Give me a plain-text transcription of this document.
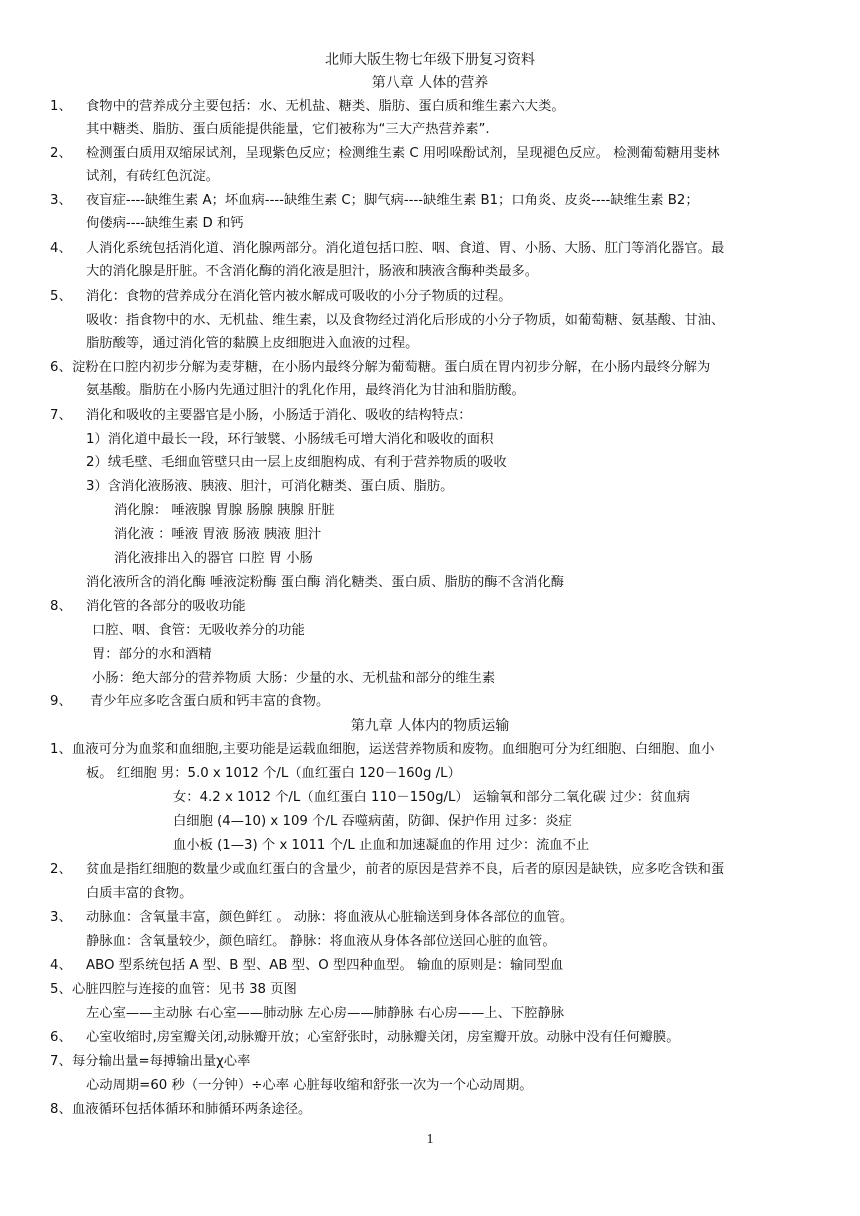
北师大版生物七年级下册复习资料
第八章 人体的营养
1、 食物中的营养成分主要包括：水、无机盐、糖类、脂肪、蛋白质和维生素六大类。
其中糖类、脂肪、蛋白质能提供能量，它们被称为“三大产热营养素”.
2、 检测蛋白质用双缩尿试剂，呈现紫色反应；检测维生素 C 用吲哚酚试剂，呈现褪色反应。 检测葡萄糖用斐林
试剂，有砖红色沉淀。
3、 夜盲症----缺维生素 A；坏血病----缺维生素 C；脚气病----缺维生素 B1；口角炎、皮炎----缺维生素 B2；
佝偻病----缺维生素 D 和钙
4、 人消化系统包括消化道、消化腺两部分。消化道包括口腔、咽、食道、胃、小肠、大肠、肛门等消化器官。最
大的消化腺是肝脏。不含消化酶的消化液是胆汁，肠液和胰液含酶种类最多。
5、 消化：食物的营养成分在消化管内被水解成可吸收的小分子物质的过程。
吸收：指食物中的水、无机盐、维生素，以及食物经过消化后形成的小分子物质，如葡萄糖、氨基酸、甘油、
脂肪酸等，通过消化管的黏膜上皮细胞进入血液的过程。
6、 淀粉在口腔内初步分解为麦芽糖，在小肠内最终分解为葡萄糖。蛋白质在胃内初步分解，在小肠内最终分解为
氨基酸。脂肪在小肠内先通过胆汁的乳化作用，最终消化为甘油和脂肪酸。
7、 消化和吸收的主要器官是小肠，小肠适于消化、吸收的结构特点：
1）消化道中最长一段，环行皱襞、小肠绒毛可增大消化和吸收的面积
2）绒毛壁、毛细血管壁只由一层上皮细胞构成、有利于营养物质的吸收
3）含消化液肠液、胰液、胆汁，可消化糖类、蛋白质、脂肪。
消化腺： 唾液腺 胃腺 肠腺 胰腺 肝脏
消化液 ：唾液 胃液 肠液 胰液 胆汁
消化液排出入的器官 口腔 胃 小肠
消化液所含的消化酶 唾液淀粉酶 蛋白酶 消化糖类、蛋白质、脂肪的酶不含消化酶
8、 消化管的各部分的吸收功能
口腔、咽、食管：无吸收养分的功能
胃：部分的水和酒精
小肠：绝大部分的营养物质 大肠：少量的水、无机盐和部分的维生素
9、 青少年应多吃含蛋白质和钙丰富的食物。
第九章 人体内的物质运输
1、 血液可分为血浆和血细胞,主要功能是运载血细胞，运送营养物质和废物。血细胞可分为红细胞、白细胞、血小
板。 红细胞 男：5.0 x 1012 个/L（血红蛋白 120－160g /L）
女：4.2 x 1012 个/L（血红蛋白 110－150g/L） 运输氧和部分二氧化碳 过少：贫血病
白细胞 (4—10) x 109 个/L 吞噬病菌，防御、保护作用 过多：炎症
血小板 (1—3) 个 x 1011 个/L 止血和加速凝血的作用 过少：流血不止
2、 贫血是指红细胞的数量少或血红蛋白的含量少，前者的原因是营养不良，后者的原因是缺铁，应多吃含铁和蛋
白质丰富的食物。
3、 动脉血：含氧量丰富，颜色鲜红 。 动脉：将血液从心脏输送到身体各部位的血管。
静脉血：含氧量较少，颜色暗红。 静脉：将血液从身体各部位送回心脏的血管。
4、 ABO 型系统包括 A 型、B 型、AB 型、O 型四种血型。 输血的原则是：输同型血
5、 心脏四腔与连接的血管：见书 38 页图
左心室——主动脉 右心室——肺动脉 左心房——肺静脉 右心房——上、下腔静脉
6、 心室收缩时,房室瓣关闭,动脉瓣开放；心室舒张时，动脉瓣关闭，房室瓣开放。动脉中没有任何瓣膜。
7、 每分输出量=每搏输出量χ心率
心动周期=60 秒（一分钟）÷心率 心脏每收缩和舒张一次为一个心动周期。
8、 血液循环包括体循环和肺循环两条途径。
1
